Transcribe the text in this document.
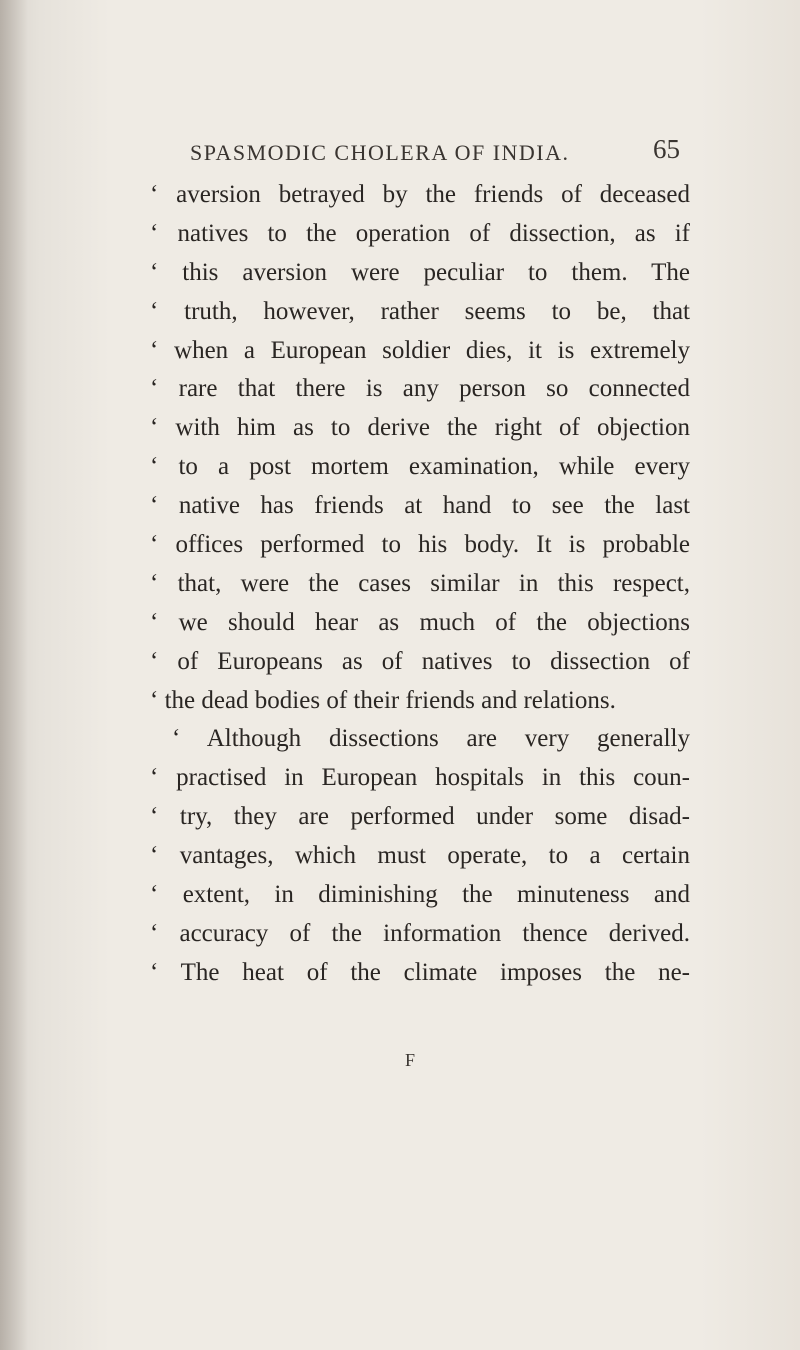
SPASMODIC CHOLERA OF INDIA.	65
‘ aversion betrayed by the friends of deceased
‘ natives to the operation of dissection, as if
‘ this aversion were peculiar to them. The
‘ truth, however, rather seems to be, that
‘ when a European soldier dies, it is extremely
‘ rare that there is any person so connected
‘ with him as to derive the right of objection
‘ to a post mortem examination, while every
‘ native has friends at hand to see the last
‘ offices performed to his body. It is probable
‘ that, were the cases similar in this respect,
‘ we should hear as much of the objections
‘ of Europeans as of natives to dissection of
‘ the dead bodies of their friends and relations.
‘ Although dissections are very generally
‘ practised in European hospitals in this coun-
‘ try, they are performed under some disad-
‘ vantages, which must operate, to a certain
‘ extent, in diminishing the minuteness and
‘ accuracy of the information thence derived.
‘ The heat of the climate imposes the ne-
F
